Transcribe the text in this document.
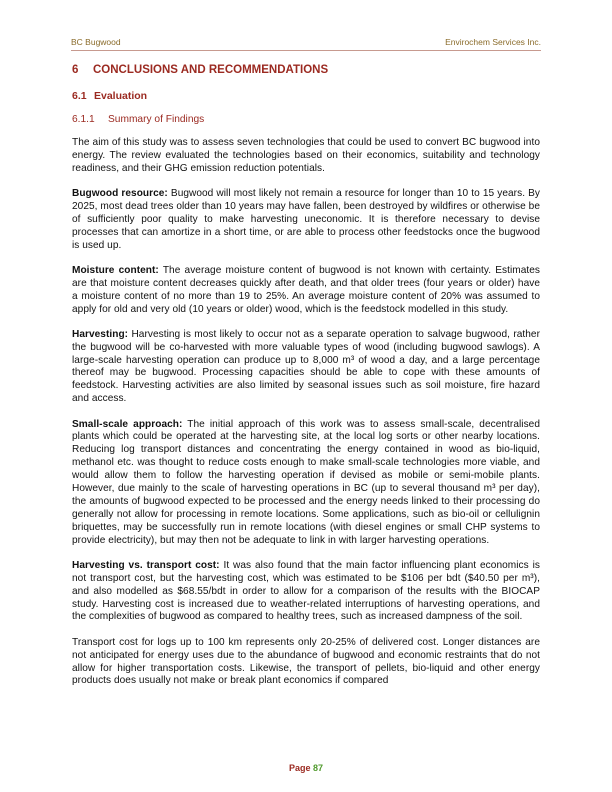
BC Bugwood	Envirochem Services Inc.
6 CONCLUSIONS AND RECOMMENDATIONS
6.1 Evaluation
6.1.1 Summary of Findings

The aim of this study was to assess seven technologies that could be used to convert BC bugwood into energy. The review evaluated the technologies based on their economics, suitability and technology readiness, and their GHG emission reduction potentials.

Bugwood resource: Bugwood will most likely not remain a resource for longer than 10 to 15 years. By 2025, most dead trees older than 10 years may have fallen, been destroyed by wildfires or otherwise be of sufficiently poor quality to make harvesting uneconomic. It is therefore necessary to devise processes that can amortize in a short time, or are able to process other feedstocks once the bugwood is used up.

Moisture content: The average moisture content of bugwood is not known with certainty. Estimates are that moisture content decreases quickly after death, and that older trees (four years or older) have a moisture content of no more than 19 to 25%. An average moisture content of 20% was assumed to apply for old and very old (10 years or older) wood, which is the feedstock modelled in this study.

Harvesting: Harvesting is most likely to occur not as a separate operation to salvage bugwood, rather the bugwood will be co-harvested with more valuable types of wood (including bugwood sawlogs). A large-scale harvesting operation can produce up to 8,000 m³ of wood a day, and a large percentage thereof may be bugwood. Processing capacities should be able to cope with these amounts of feedstock. Harvesting activities are also limited by seasonal issues such as soil moisture, fire hazard and access.

Small-scale approach: The initial approach of this work was to assess small-scale, decentralised plants which could be operated at the harvesting site, at the local log sorts or other nearby locations. Reducing log transport distances and concentrating the energy contained in wood as bio-liquid, methanol etc. was thought to reduce costs enough to make small-scale technologies more viable, and would allow them to follow the harvesting operation if devised as mobile or semi-mobile plants. However, due mainly to the scale of harvesting operations in BC (up to several thousand m³ per day), the amounts of bugwood expected to be processed and the energy needs linked to their processing do generally not allow for processing in remote locations. Some applications, such as bio-oil or cellulignin briquettes, may be successfully run in remote locations (with diesel engines or small CHP systems to provide electricity), but may then not be adequate to link in with larger harvesting operations.

Harvesting vs. transport cost: It was also found that the main factor influencing plant economics is not transport cost, but the harvesting cost, which was estimated to be $106 per bdt ($40.50 per m³), and also modelled as $68.55/bdt in order to allow for a comparison of the results with the BIOCAP study. Harvesting cost is increased due to weather-related interruptions of harvesting operations, and the complexities of bugwood as compared to healthy trees, such as increased dampness of the soil.

Transport cost for logs up to 100 km represents only 20-25% of delivered cost. Longer distances are not anticipated for energy uses due to the abundance of bugwood and economic restraints that do not allow for higher transportation costs. Likewise, the transport of pellets, bio-liquid and other energy products does usually not make or break plant economics if compared

Page 87
